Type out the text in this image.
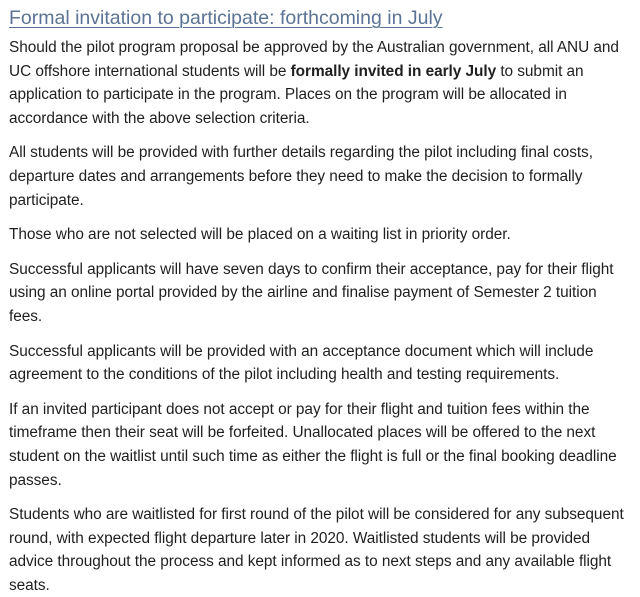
Formal invitation to participate: forthcoming in July

Should the pilot program proposal be approved by the Australian government, all ANU and UC offshore international students will be formally invited in early July to submit an application to participate in the program. Places on the program will be allocated in accordance with the above selection criteria.

All students will be provided with further details regarding the pilot including final costs, departure dates and arrangements before they need to make the decision to formally participate.

Those who are not selected will be placed on a waiting list in priority order.

Successful applicants will have seven days to confirm their acceptance, pay for their flight using an online portal provided by the airline and finalise payment of Semester 2 tuition fees.

Successful applicants will be provided with an acceptance document which will include agreement to the conditions of the pilot including health and testing requirements.

If an invited participant does not accept or pay for their flight and tuition fees within the timeframe then their seat will be forfeited. Unallocated places will be offered to the next student on the waitlist until such time as either the flight is full or the final booking deadline passes.

Students who are waitlisted for first round of the pilot will be considered for any subsequent round, with expected flight departure later in 2020. Waitlisted students will be provided advice throughout the process and kept informed as to next steps and any available flight seats.
